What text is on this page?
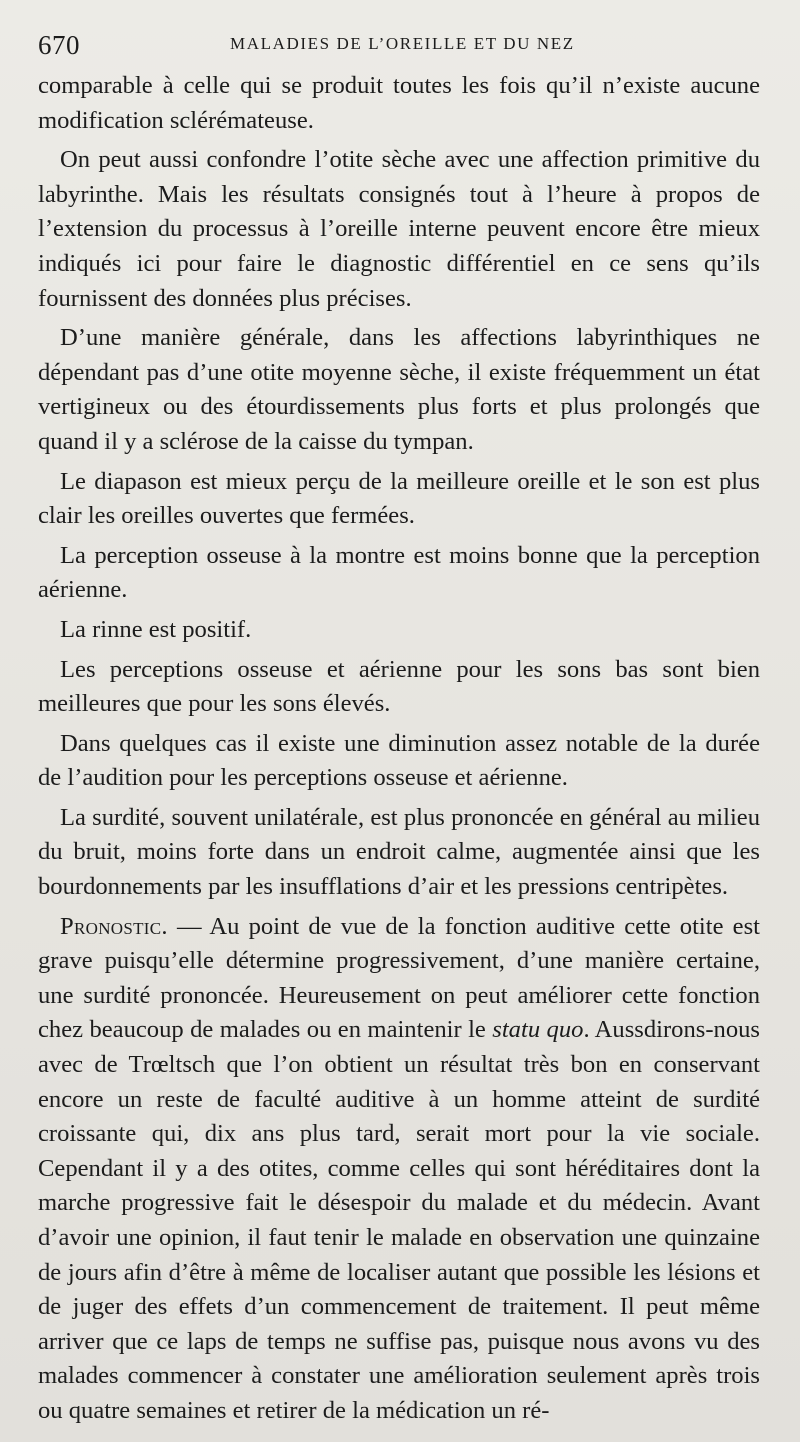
670	MALADIES DE L’OREILLE ET DU NEZ

comparable à celle qui se produit toutes les fois qu’il n’existe aucune modification sclérémateuse.

On peut aussi confondre l’otite sèche avec une affection primitive du labyrinthe. Mais les résultats consignés tout à l’heure à propos de l’extension du processus à l’oreille interne peuvent encore être mieux indiqués ici pour faire le diagnostic différentiel en ce sens qu’ils fournissent des données plus précises.

D’une manière générale, dans les affections labyrinthiques ne dépendant pas d’une otite moyenne sèche, il existe fréquemment un état vertigineux ou des étourdissements plus forts et plus prolongés que quand il y a sclérose de la caisse du tympan.

Le diapason est mieux perçu de la meilleure oreille et le son est plus clair les oreilles ouvertes que fermées.

La perception osseuse à la montre est moins bonne que la perception aérienne.

La rinne est positif.

Les perceptions osseuse et aérienne pour les sons bas sont bien meilleures que pour les sons élevés.

Dans quelques cas il existe une diminution assez notable de la durée de l’audition pour les perceptions osseuse et aérienne.

La surdité, souvent unilatérale, est plus prononcée en général au milieu du bruit, moins forte dans un endroit calme, augmentée ainsi que les bourdonnements par les insufflations d’air et les pressions centripètes.

Pronostic. — Au point de vue de la fonction auditive cette otite est grave puisqu’elle détermine progressivement, d’une manière certaine, une surdité prononcée. Heureusement on peut améliorer cette fonction chez beaucoup de malades ou en maintenir le statu quo. Aussdirons-nous avec de Trœltsch que l’on obtient un résultat très bon en conservant encore un reste de faculté auditive à un homme atteint de surdité croissante qui, dix ans plus tard, serait mort pour la vie sociale. Cependant il y a des otites, comme celles qui sont héréditaires dont la marche progressive fait le désespoir du malade et du médecin. Avant d’avoir une opinion, il faut tenir le malade en observation une quinzaine de jours afin d’être à même de localiser autant que possible les lésions et de juger des effets d’un commencement de traitement. Il peut même arriver que ce laps de temps ne suffise pas, puisque nous avons vu des malades commencer à constater une amélioration seulement après trois ou quatre semaines et retirer de la médication un ré-
